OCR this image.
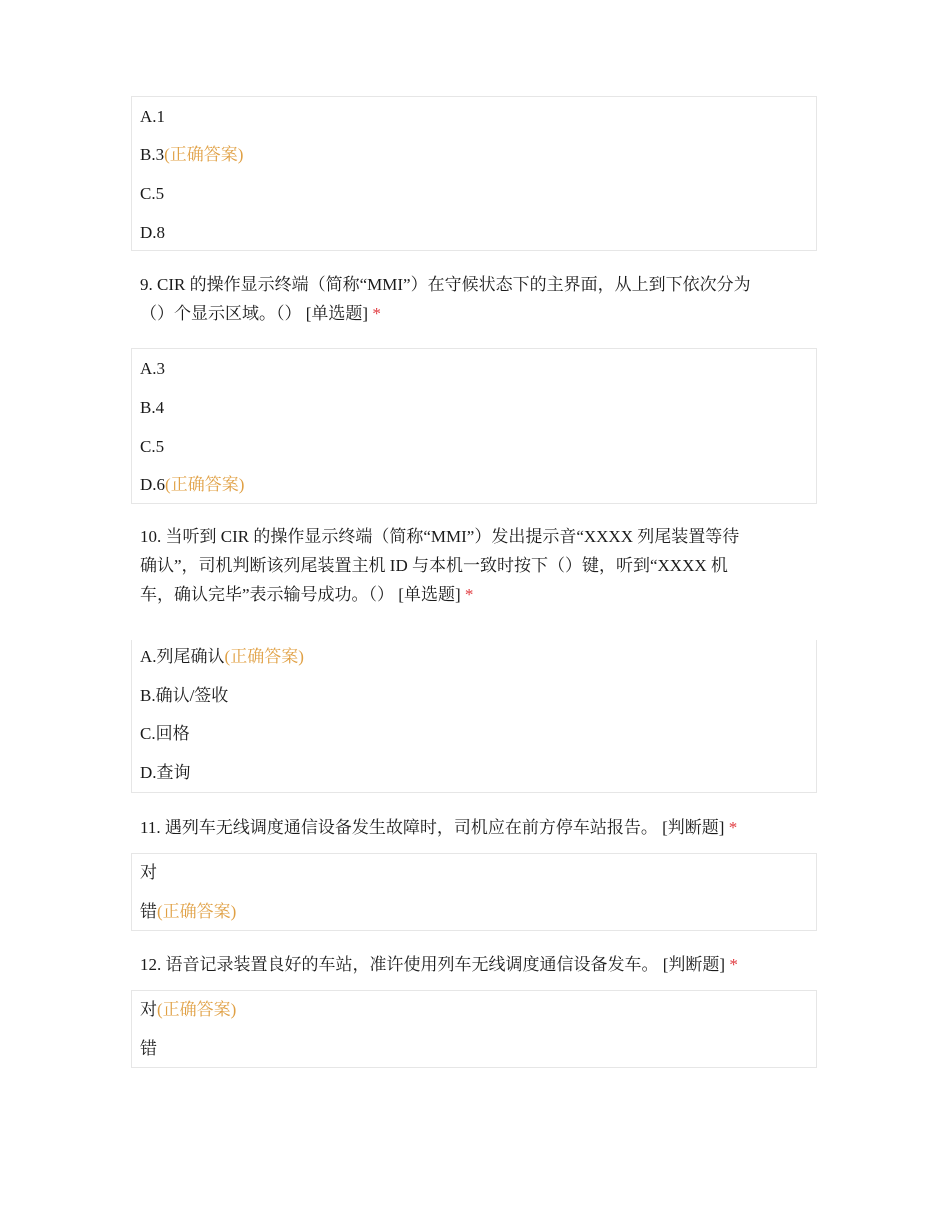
A.1
B.3(正确答案)
C.5
D.8
9. CIR 的操作显示终端（简称“MMI”）在守候状态下的主界面，从上到下依次分为
（）个显示区域。（） [单选题] *
A.3
B.4
C.5
D.6(正确答案)
10. 当听到 CIR 的操作显示终端（简称“MMI”）发出提示音“XXXX 列尾装置等待
确认”，司机判断该列尾装置主机 ID 与本机一致时按下（）键，听到“XXXX 机
车，确认完毕”表示输号成功。（） [单选题] *
A.列尾确认(正确答案)
B.确认/签收
C.回格
D.查询
11. 遇列车无线调度通信设备发生故障时，司机应在前方停车站报告。 [判断题] *
对
错(正确答案)
12. 语音记录装置良好的车站，准许使用列车无线调度通信设备发车。 [判断题] *
对(正确答案)
错
